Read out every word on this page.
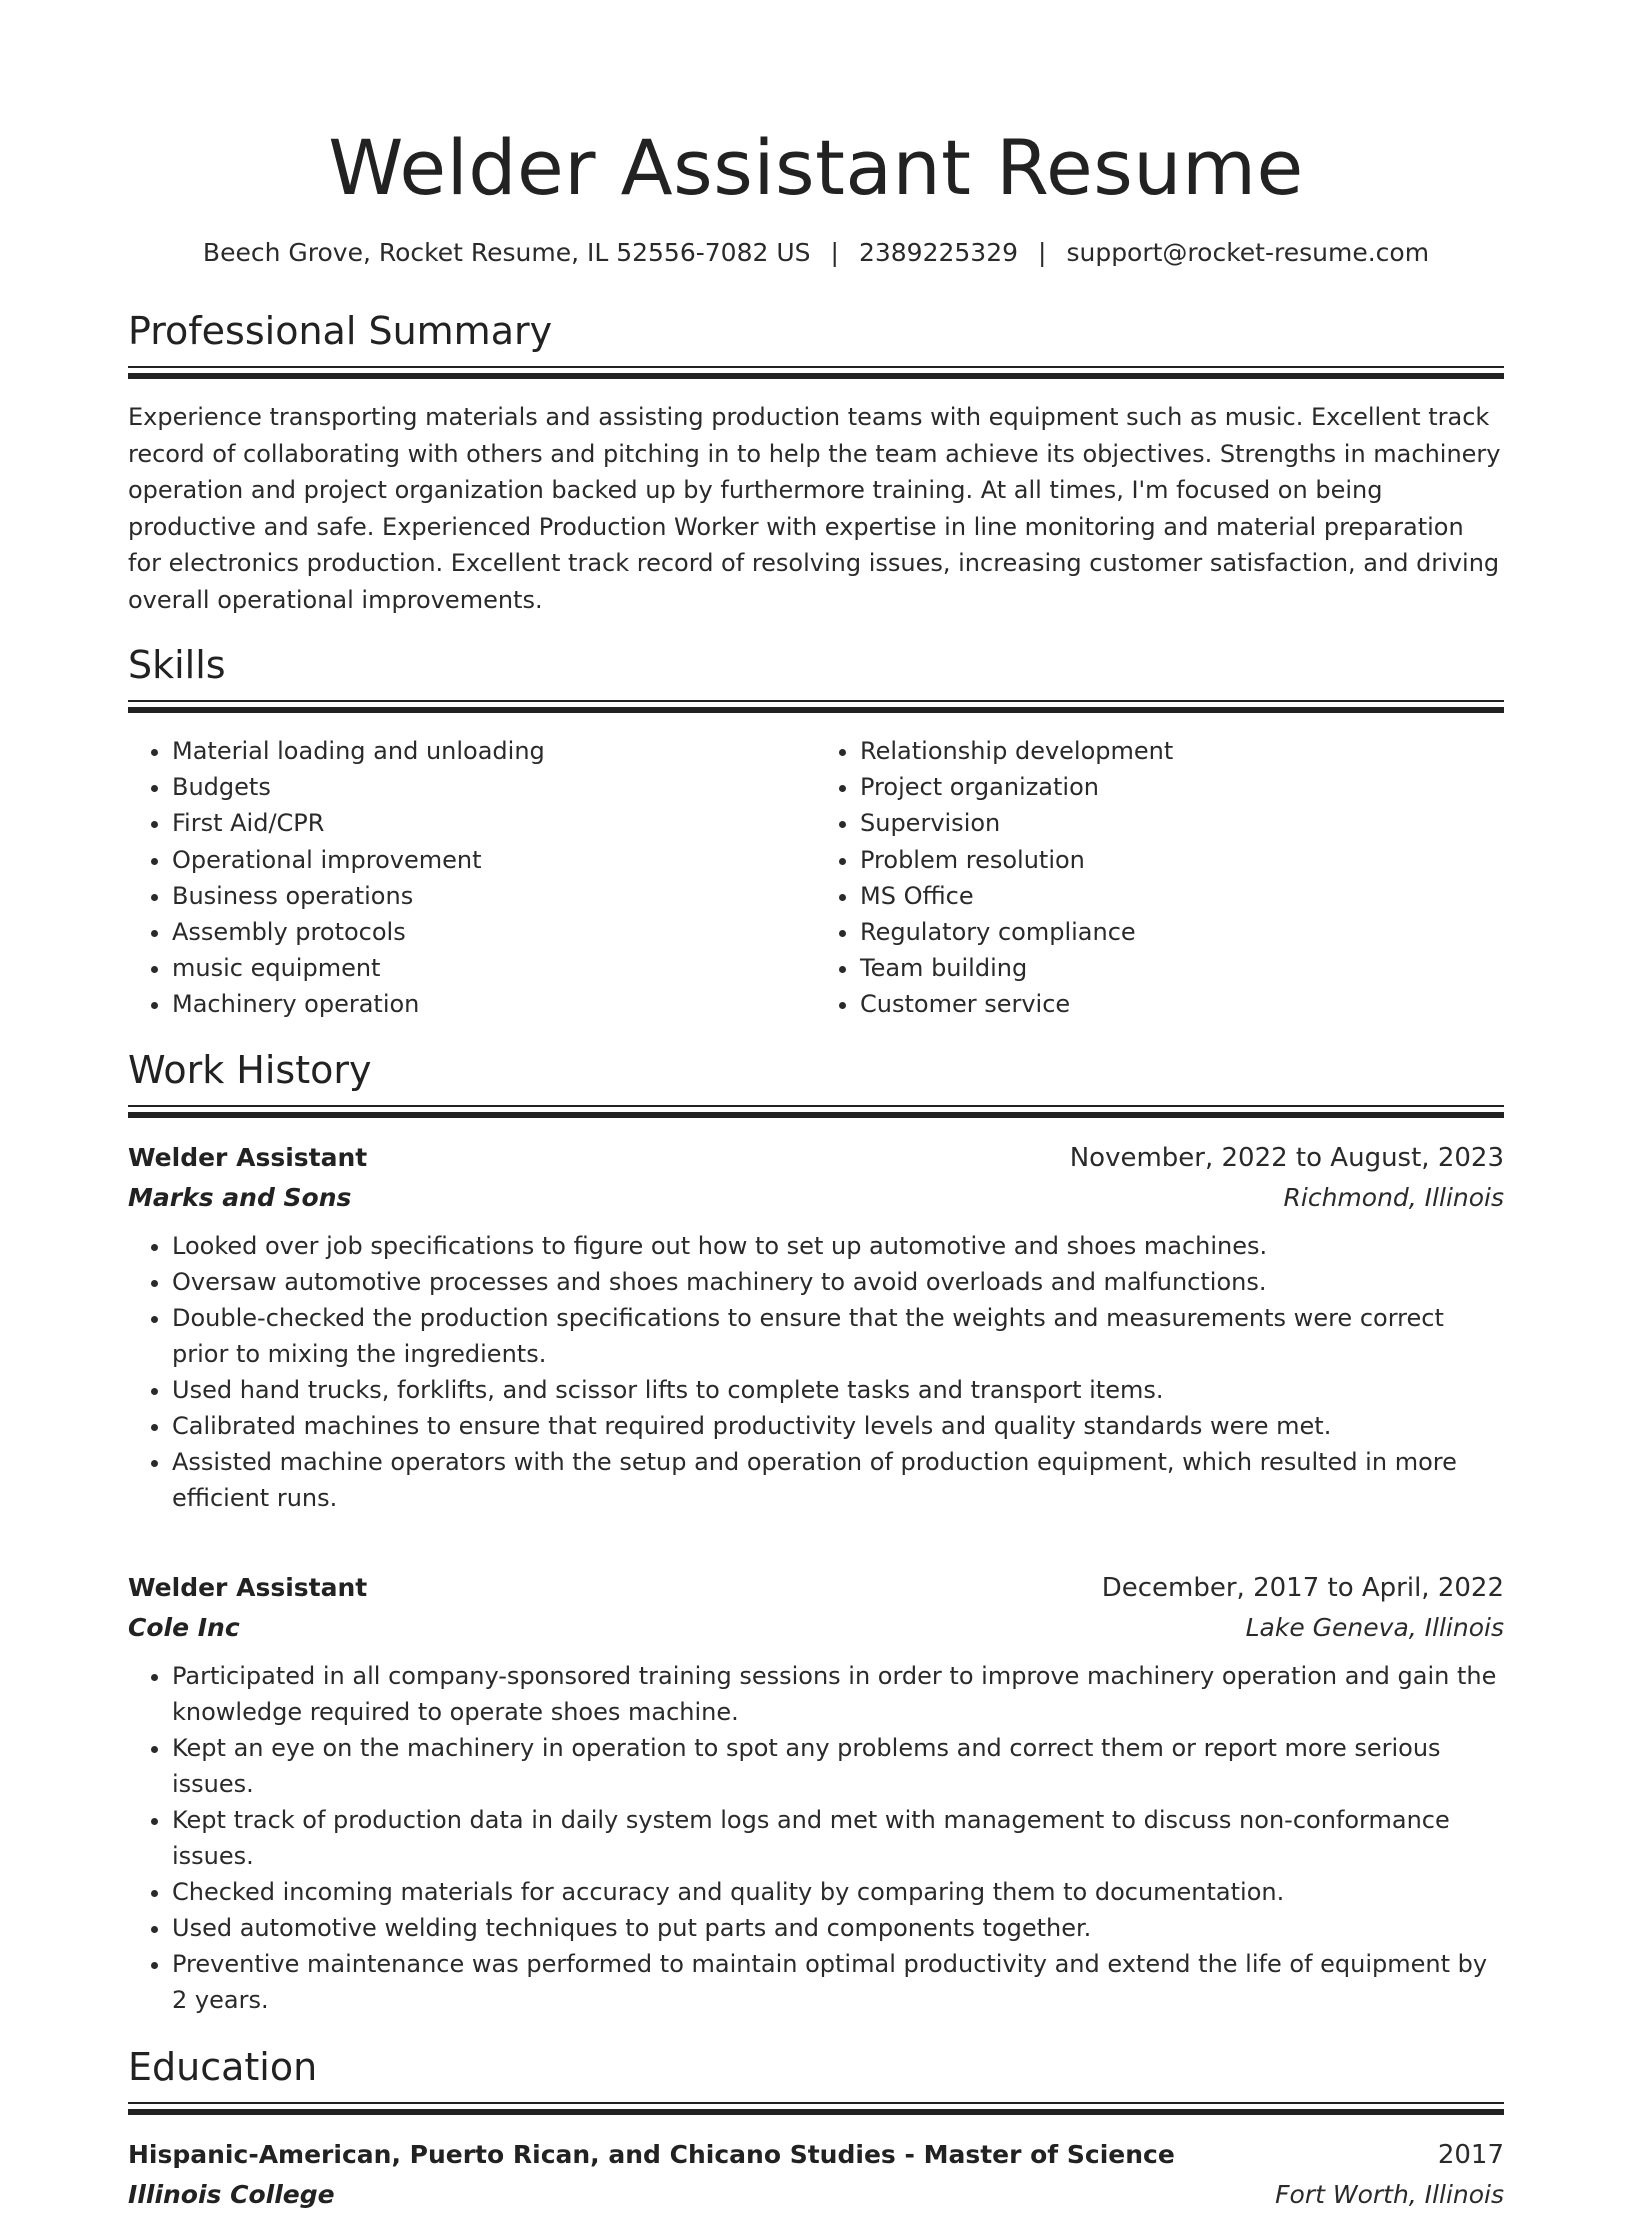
Welder Assistant Resume
Beech Grove, Rocket Resume, IL 52556-7082 US | 2389225329 | support@rocket-resume.com
Professional Summary

Experience transporting materials and assisting production teams with equipment such as music. Excellent track record of collaborating with others and pitching in to help the team achieve its objectives. Strengths in machinery operation and project organization backed up by furthermore training. At all times, I'm focused on being productive and safe. Experienced Production Worker with expertise in line monitoring and material preparation for electronics production. Excellent track record of resolving issues, increasing customer satisfaction, and driving overall operational improvements.

Skills
• Material loading and unloading
• Budgets
• First Aid/CPR
• Operational improvement
• Business operations
• Assembly protocols
• music equipment
• Machinery operation
• Relationship development
• Project organization
• Supervision
• Problem resolution
• MS Office
• Regulatory compliance
• Team building
• Customer service
Work History
Welder Assistant	November, 2022 to August, 2023
Marks and Sons	Richmond, Illinois
• Looked over job specifications to figure out how to set up automotive and shoes machines.
• Oversaw automotive processes and shoes machinery to avoid overloads and malfunctions.
• Double-checked the production specifications to ensure that the weights and measurements were correct prior to mixing the ingredients.
• Used hand trucks, forklifts, and scissor lifts to complete tasks and transport items.
• Calibrated machines to ensure that required productivity levels and quality standards were met.
• Assisted machine operators with the setup and operation of production equipment, which resulted in more efficient runs.
Welder Assistant	December, 2017 to April, 2022
Cole Inc	Lake Geneva, Illinois
• Participated in all company-sponsored training sessions in order to improve machinery operation and gain the knowledge required to operate shoes machine.
• Kept an eye on the machinery in operation to spot any problems and correct them or report more serious issues.
• Kept track of production data in daily system logs and met with management to discuss non-conformance issues.
• Checked incoming materials for accuracy and quality by comparing them to documentation.
• Used automotive welding techniques to put parts and components together.
• Preventive maintenance was performed to maintain optimal productivity and extend the life of equipment by 2 years.
Education
Hispanic-American, Puerto Rican, and Chicano Studies - Master of Science	2017
Illinois College	Fort Worth, Illinois
